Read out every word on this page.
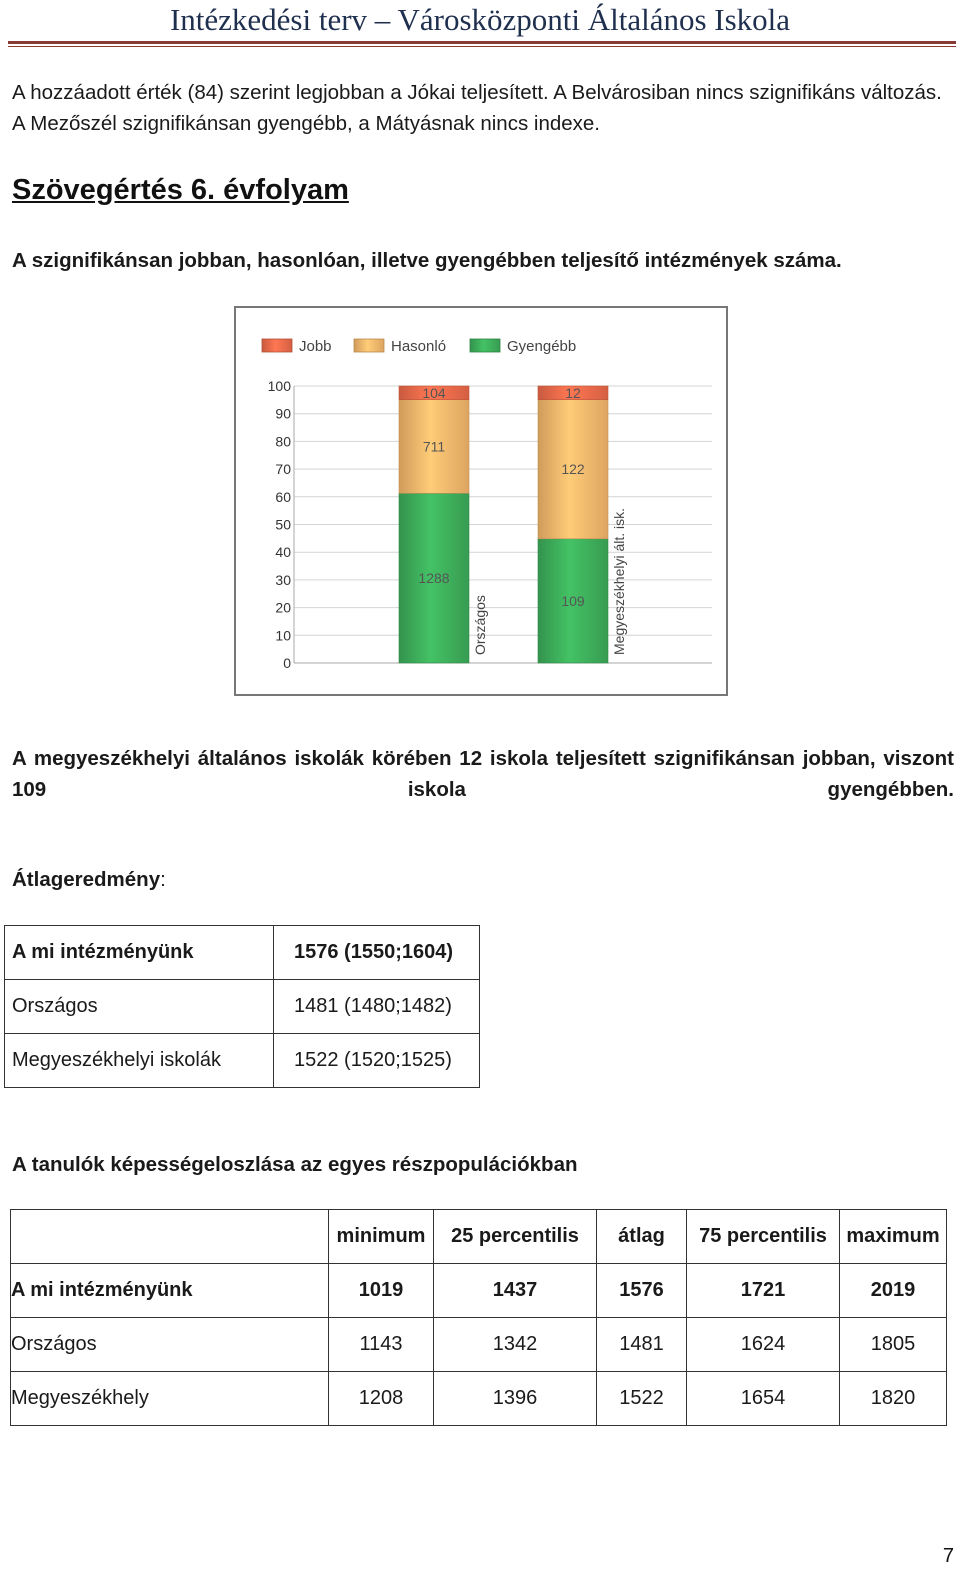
Intézkedési terv – Városközponti Általános Iskola
A hozzáadott érték (84) szerint legjobban a Jókai teljesített. A Belvárosiban nincs szignifikáns változás. A Mezőszél szignifikánsan gyengébb, a Mátyásnak nincs indexe.
Szövegértés 6. évfolyam
A szignifikánsan jobban, hasonlóan, illetve gyengébben teljesítő intézmények száma.
0
10
20
30
40
50
60
70
80
90
100
Jobb	Hasonló	Gyengébb
1288
711
104
Országos	109
122
12
Megyeszékhelyi ált. isk.
A megyeszékhelyi általános iskolák körében 12 iskola teljesített szignifikánsan jobban, viszont 109 iskola gyengébben.
Átlageredmény:
A mi intézményünk	1576 (1550;1604)
Országos	1481 (1480;1482)
Megyeszékhelyi iskolák	1522 (1520;1525)
A tanulók képességeloszlása az egyes részpopulációkban
	minimum	25 percentilis	átlag	75 percentilis	maximum
A mi intézményünk	1019	1437	1576	1721	2019
Országos	1143	1342	1481	1624	1805
Megyeszékhely	1208	1396	1522	1654	1820
7
